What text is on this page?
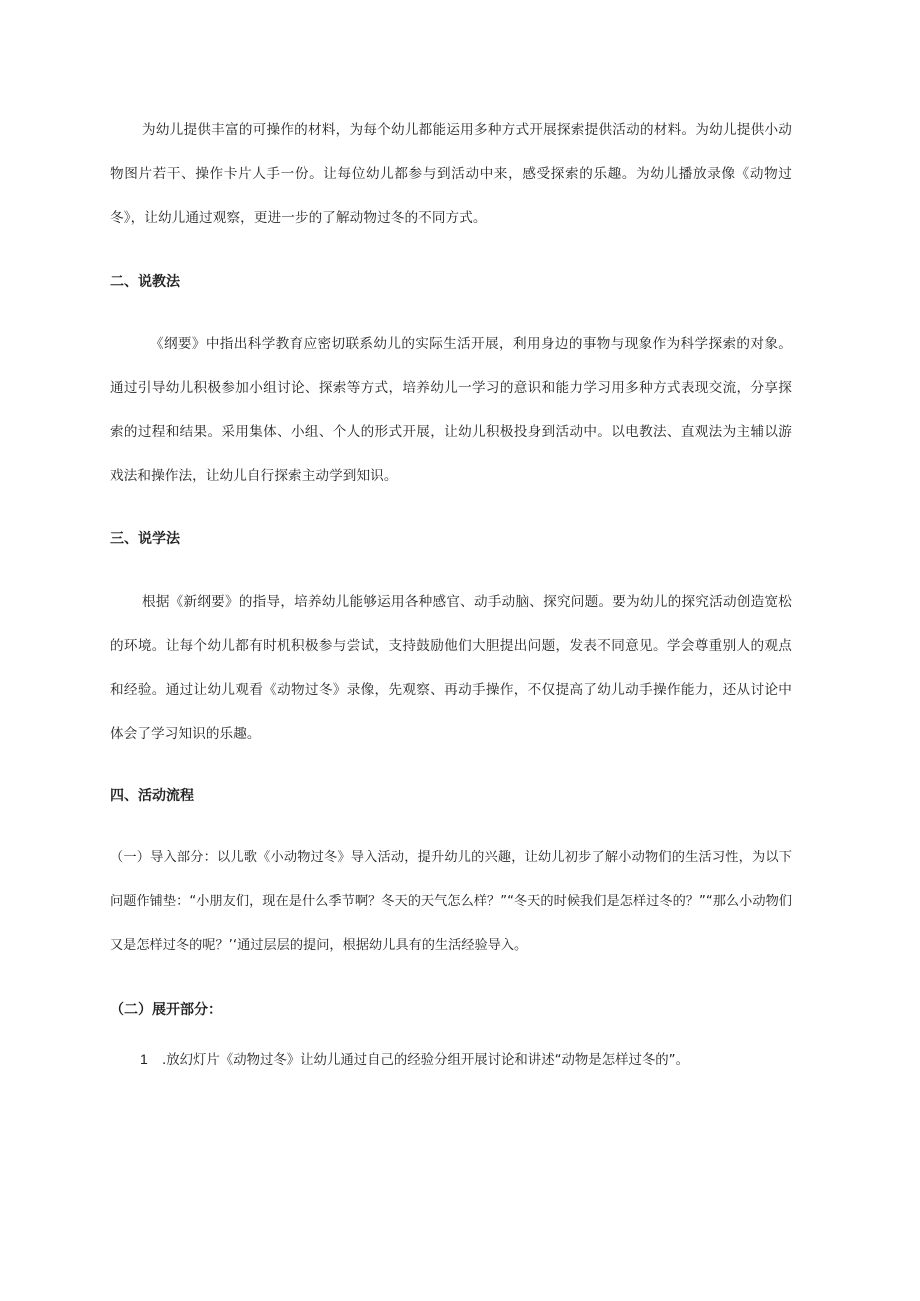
为幼儿提供丰富的可操作的材料，为每个幼儿都能运用多种方式开展探索提供活动的材料。为幼儿提供小动物图片若干、操作卡片人手一份。让每位幼儿都参与到活动中来，感受探索的乐趣。为幼儿播放录像《动物过冬》，让幼儿通过观察，更进一步的了解动物过冬的不同方式。

二、说教法

《纲要》中指出科学教育应密切联系幼儿的实际生活开展，利用身边的事物与现象作为科学探索的对象。通过引导幼儿积极参加小组讨论、探索等方式，培养幼儿一学习的意识和能力学习用多种方式表现交流，分享探索的过程和结果。采用集体、小组、个人的形式开展，让幼儿积极投身到活动中。以电教法、直观法为主辅以游戏法和操作法，让幼儿自行探索主动学到知识。

三、说学法

根据《新纲要》的指导，培养幼儿能够运用各种感官、动手动脑、探究问题。要为幼儿的探究活动创造宽松的环境。让每个幼儿都有时机积极参与尝试，支持鼓励他们大胆提出问题，发表不同意见。学会尊重别人的观点和经验。通过让幼儿观看《动物过冬》录像，先观察、再动手操作，不仅提高了幼儿动手操作能力，还从讨论中体会了学习知识的乐趣。

四、活动流程

（一）导入部分：以儿歌《小动物过冬》导入活动，提升幼儿的兴趣，让幼儿初步了解小动物们的生活习性，为以下问题作铺垫：“小朋友们，现在是什么季节啊？冬天的天气怎么样？”“冬天的时候我们是怎样过冬的？”“那么小动物们又是怎样过冬的呢？’‘通过层层的提问，根据幼儿具有的生活经验导入。

（二）展开部分：

1 .放幻灯片《动物过冬》让幼儿通过自己的经验分组开展讨论和讲述“动物是怎样过冬的”。
